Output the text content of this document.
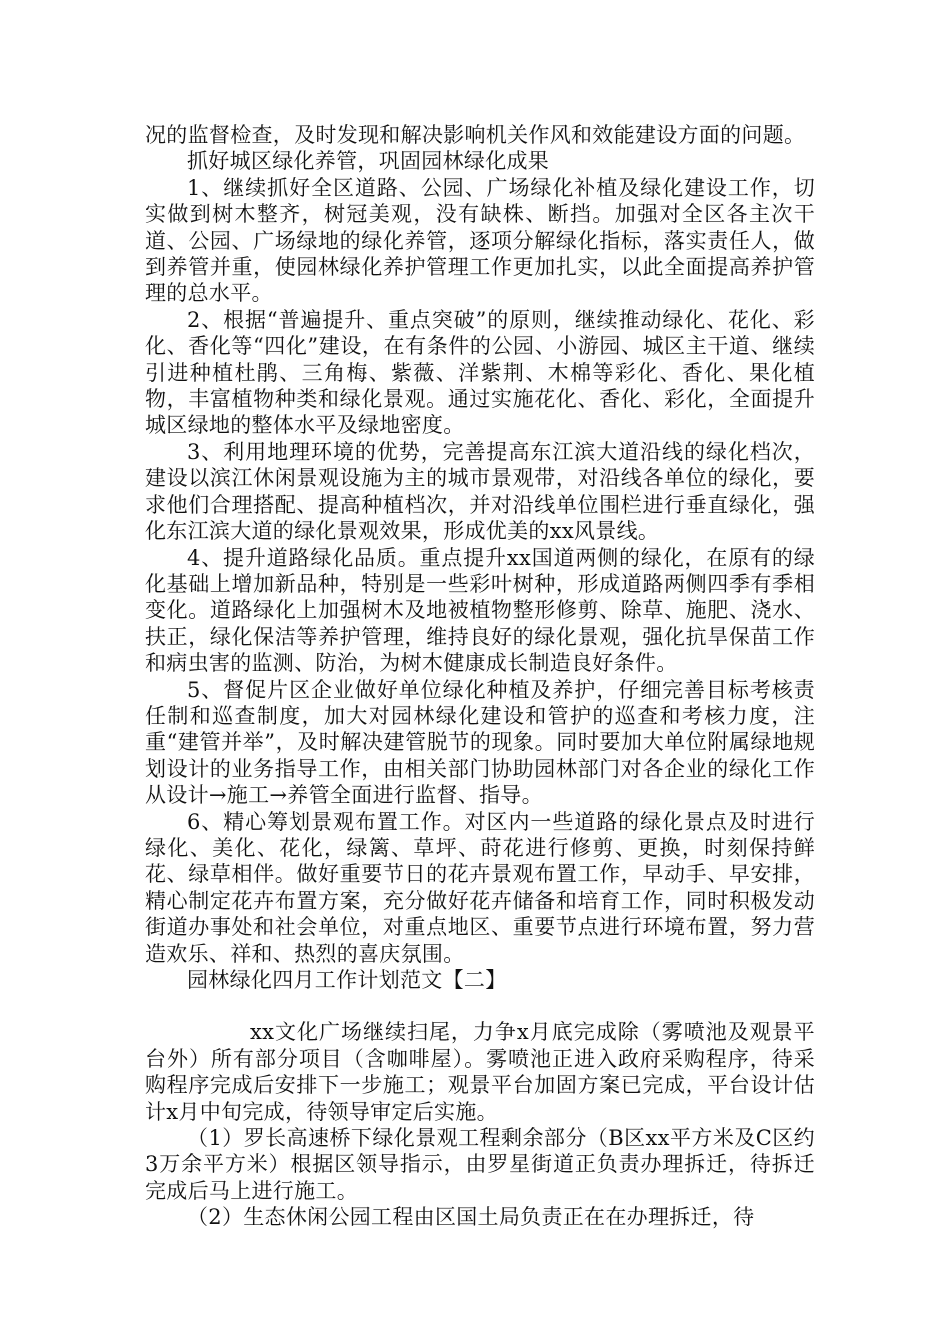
况的监督检查，及时发现和解决影响机关作风和效能建设方面的问题。

抓好城区绿化养管，巩固园林绿化成果

1、继续抓好全区道路、公园、广场绿化补植及绿化建设工作，切实做到树木整齐，树冠美观，没有缺株、断挡。加强对全区各主次干道、公园、广场绿地的绿化养管，逐项分解绿化指标，落实责任人，做到养管并重，使园林绿化养护管理工作更加扎实，以此全面提高养护管理的总水平。

2、根据“普遍提升、重点突破”的原则，继续推动绿化、花化、彩化、香化等“四化”建设，在有条件的公园、小游园、城区主干道、继续引进种植杜鹃、三角梅、紫薇、洋紫荆、木棉等彩化、香化、果化植物，丰富植物种类和绿化景观。通过实施花化、香化、彩化，全面提升城区绿地的整体水平及绿地密度。

3、利用地理环境的优势，完善提高东江滨大道沿线的绿化档次，建设以滨江休闲景观设施为主的城市景观带，对沿线各单位的绿化，要求他们合理搭配、提高种植档次，并对沿线单位围栏进行垂直绿化，强化东江滨大道的绿化景观效果，形成优美的xx风景线。

4、提升道路绿化品质。重点提升xx国道两侧的绿化，在原有的绿化基础上增加新品种，特别是一些彩叶树种，形成道路两侧四季有季相变化。道路绿化上加强树木及地被植物整形修剪、除草、施肥、浇水、扶正，绿化保洁等养护管理，维持良好的绿化景观，强化抗旱保苗工作和病虫害的监测、防治，为树木健康成长制造良好条件。

5、督促片区企业做好单位绿化种植及养护，仔细完善目标考核责任制和巡查制度，加大对园林绿化建设和管护的巡查和考核力度，注重“建管并举”，及时解决建管脱节的现象。同时要加大单位附属绿地规划设计的业务指导工作，由相关部门协助园林部门对各企业的绿化工作从设计→施工→养管全面进行监督、指导。

6、精心筹划景观布置工作。对区内一些道路的绿化景点及时进行绿化、美化、花化，绿篱、草坪、莳花进行修剪、更换，时刻保持鲜花、绿草相伴。做好重要节日的花卉景观布置工作，早动手、早安排，精心制定花卉布置方案，充分做好花卉储备和培育工作，同时积极发动街道办事处和社会单位，对重点地区、重要节点进行环境布置，努力营造欢乐、祥和、热烈的喜庆氛围。

园林绿化四月工作计划范文【二】

xx文化广场继续扫尾，力争x月底完成除（雾喷池及观景平台外）所有部分项目（含咖啡屋）。雾喷池正进入政府采购程序，待采购程序完成后安排下一步施工；观景平台加固方案已完成，平台设计估计x月中旬完成，待领导审定后实施。

（1）罗长高速桥下绿化景观工程剩余部分（B区xx平方米及C区约3万余平方米）根据区领导指示，由罗星街道正负责办理拆迁，待拆迁完成后马上进行施工。

（2）生态休闲公园工程由区国土局负责正在在办理拆迁，待
